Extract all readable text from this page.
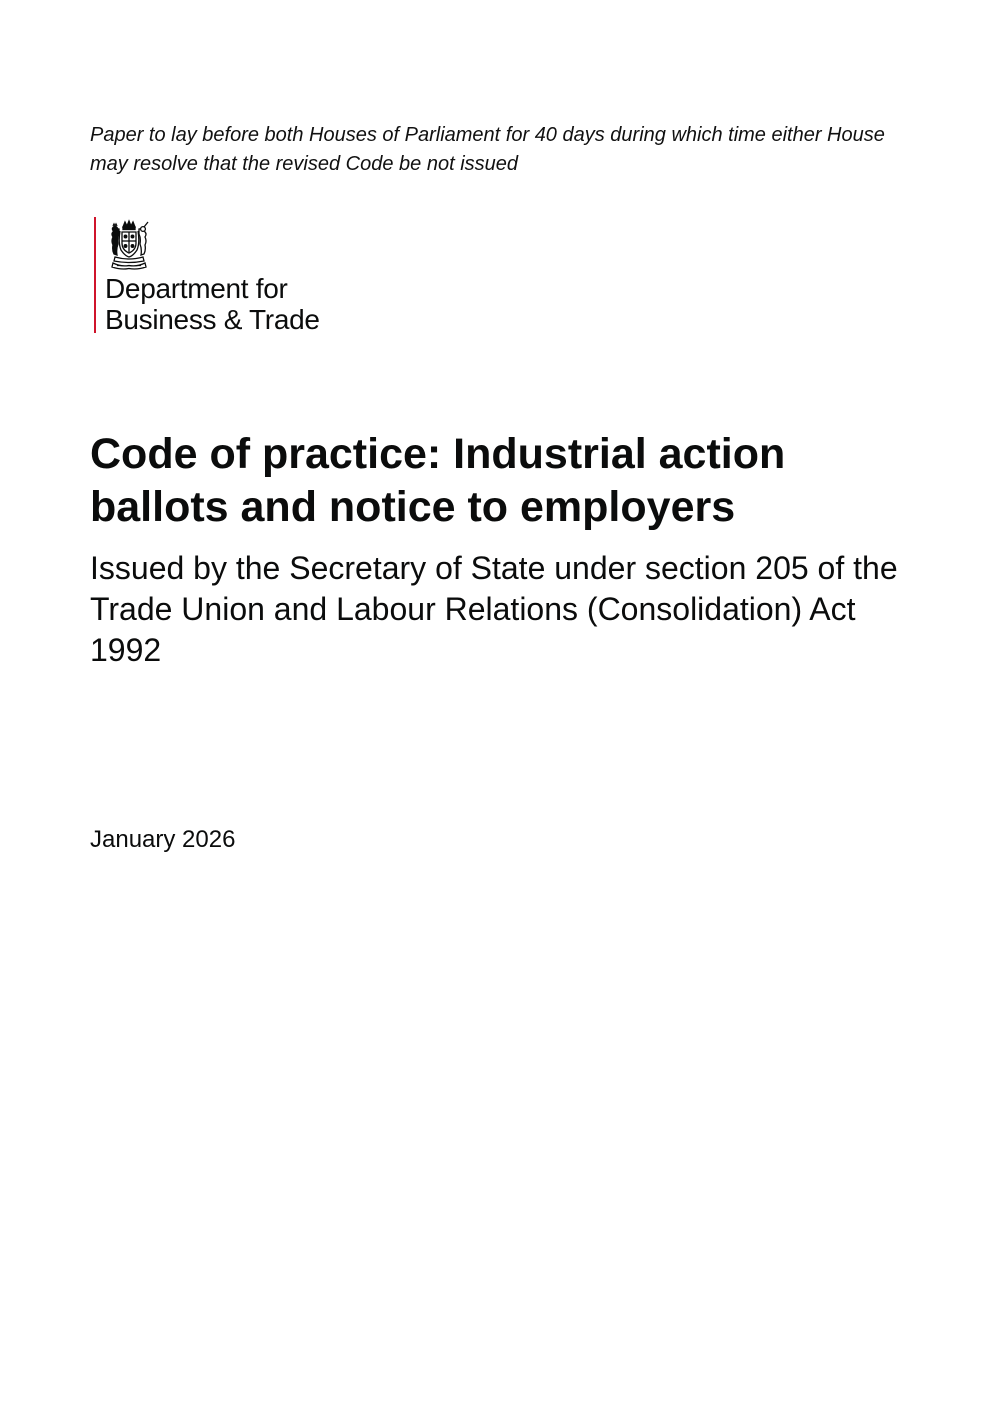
Paper to lay before both Houses of Parliament for 40 days during which time either House may resolve that the revised Code be not issued

Department for
Business & Trade
Code of practice: Industrial action ballots and notice to employers

Issued by the Secretary of State under section 205 of the Trade Union and Labour Relations (Consolidation) Act 1992

January 2026
